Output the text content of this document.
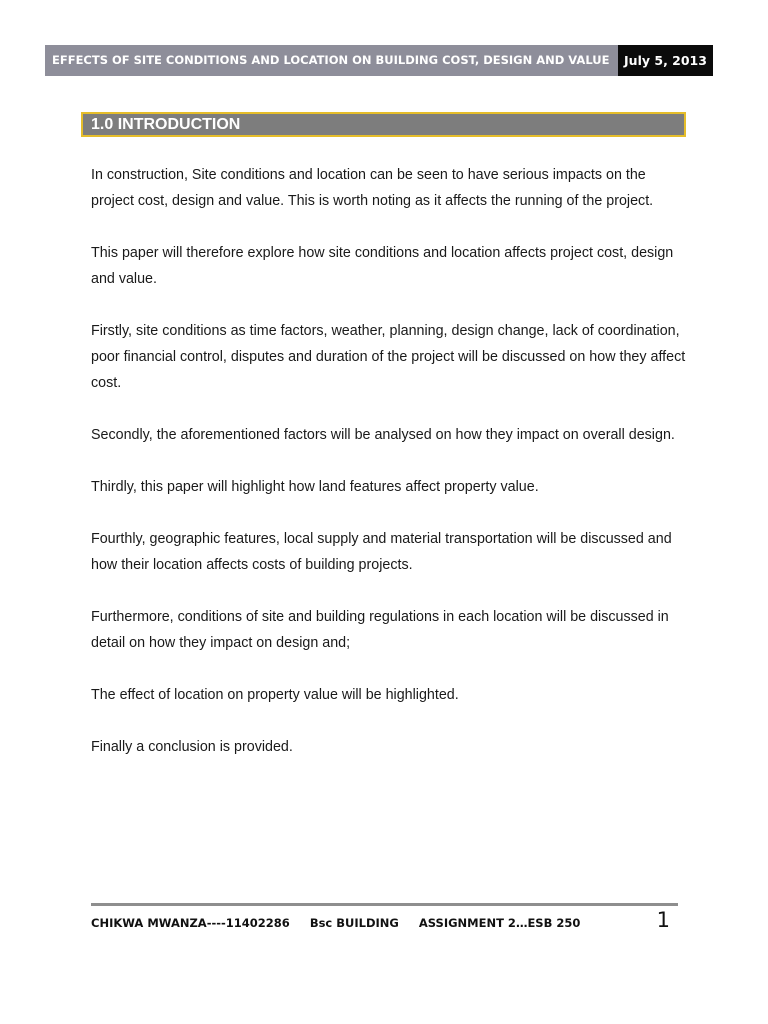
EFFECTS OF SITE CONDITIONS AND LOCATION ON BUILDING COST, DESIGN AND VALUE	July 5, 2013
1.0 INTRODUCTION

In construction, Site conditions and location can be seen to have serious impacts on the project cost, design and value. This is worth noting as it affects the running of the project.

This paper will therefore explore how site conditions and location affects project cost, design and value.

Firstly, site conditions as time factors, weather, planning, design change, lack of coordination, poor financial control, disputes and duration of the project will be discussed on how they affect cost.

Secondly, the aforementioned factors will be analysed on how they impact on overall design.

Thirdly, this paper will highlight how land features affect property value.

Fourthly, geographic features, local supply and material transportation will be discussed and how their location affects costs of building projects.

Furthermore, conditions of site and building regulations in each location will be discussed in detail on how they impact on design and;

The effect of location on property value will be highlighted.

Finally a conclusion is provided.

CHIKWA MWANZA----11402286     Bsc BUILDING     ASSIGNMENT 2…ESB 250	1
